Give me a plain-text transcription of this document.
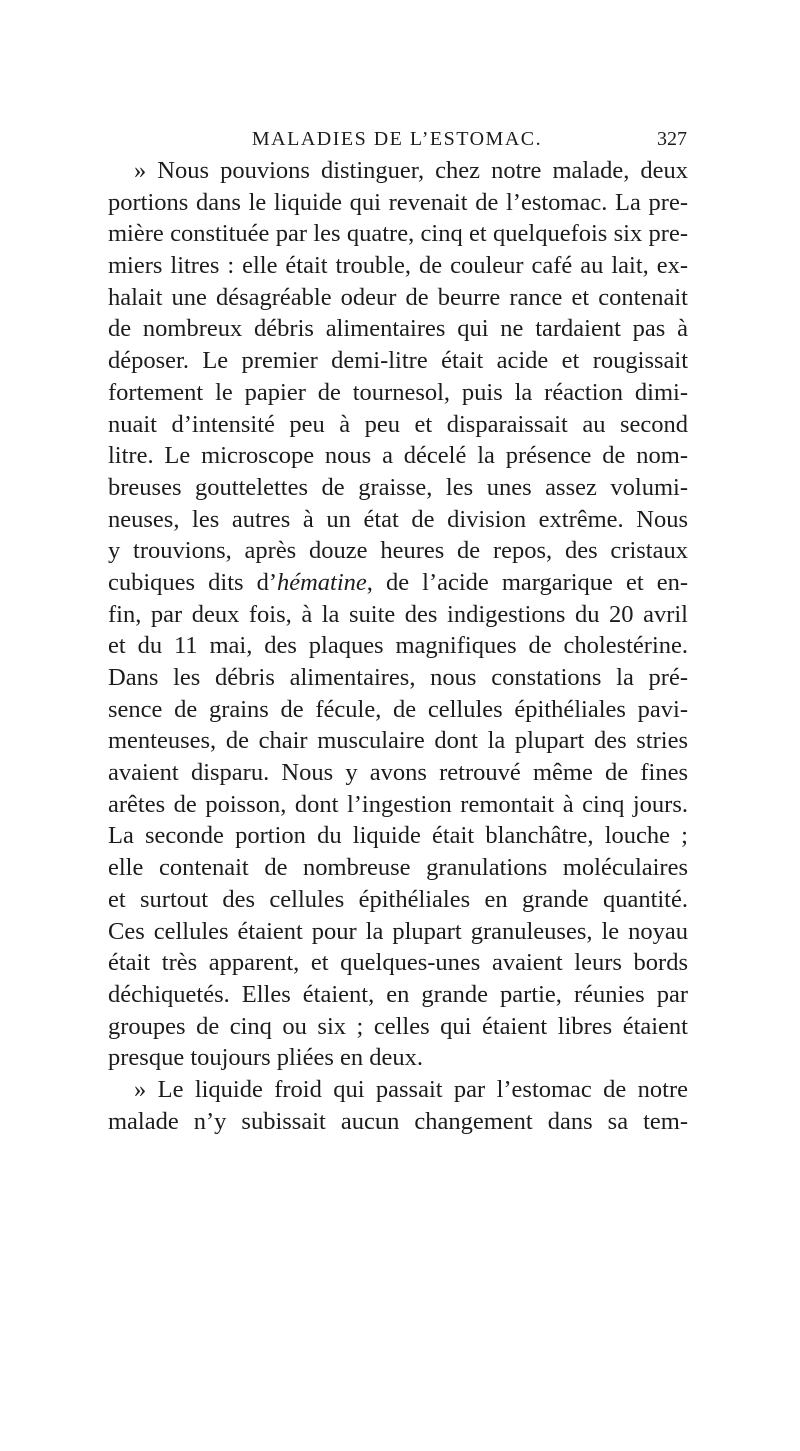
MALADIES DE L’ESTOMAC.	327
» Nous pouvions distinguer, chez notre malade, deux
portions dans le liquide qui revenait de l’estomac. La pre-
mière constituée par les quatre, cinq et quelquefois six pre-
miers litres : elle était trouble, de couleur café au lait, ex-
halait une désagréable odeur de beurre rance et contenait
de nombreux débris alimentaires qui ne tardaient pas à
déposer. Le premier demi-litre était acide et rougissait
fortement le papier de tournesol, puis la réaction dimi-
nuait d’intensité peu à peu et disparaissait au second
litre. Le microscope nous a décelé la présence de nom-
breuses gouttelettes de graisse, les unes assez volumi-
neuses, les autres à un état de division extrême. Nous
y trouvions, après douze heures de repos, des cristaux
cubiques dits d’hématine, de l’acide margarique et en-
fin, par deux fois, à la suite des indigestions du 20 avril
et du 11 mai, des plaques magnifiques de cholestérine.
Dans les débris alimentaires, nous constations la pré-
sence de grains de fécule, de cellules épithéliales pavi-
menteuses, de chair musculaire dont la plupart des stries
avaient disparu. Nous y avons retrouvé même de fines
arêtes de poisson, dont l’ingestion remontait à cinq jours.
La seconde portion du liquide était blanchâtre, louche ;
elle contenait de nombreuse granulations moléculaires
et surtout des cellules épithéliales en grande quantité.
Ces cellules étaient pour la plupart granuleuses, le noyau
était très apparent, et quelques-unes avaient leurs bords
déchiquetés. Elles étaient, en grande partie, réunies par
groupes de cinq ou six ; celles qui étaient libres étaient
presque toujours pliées en deux.
» Le liquide froid qui passait par l’estomac de notre
malade n’y subissait aucun changement dans sa tem-
